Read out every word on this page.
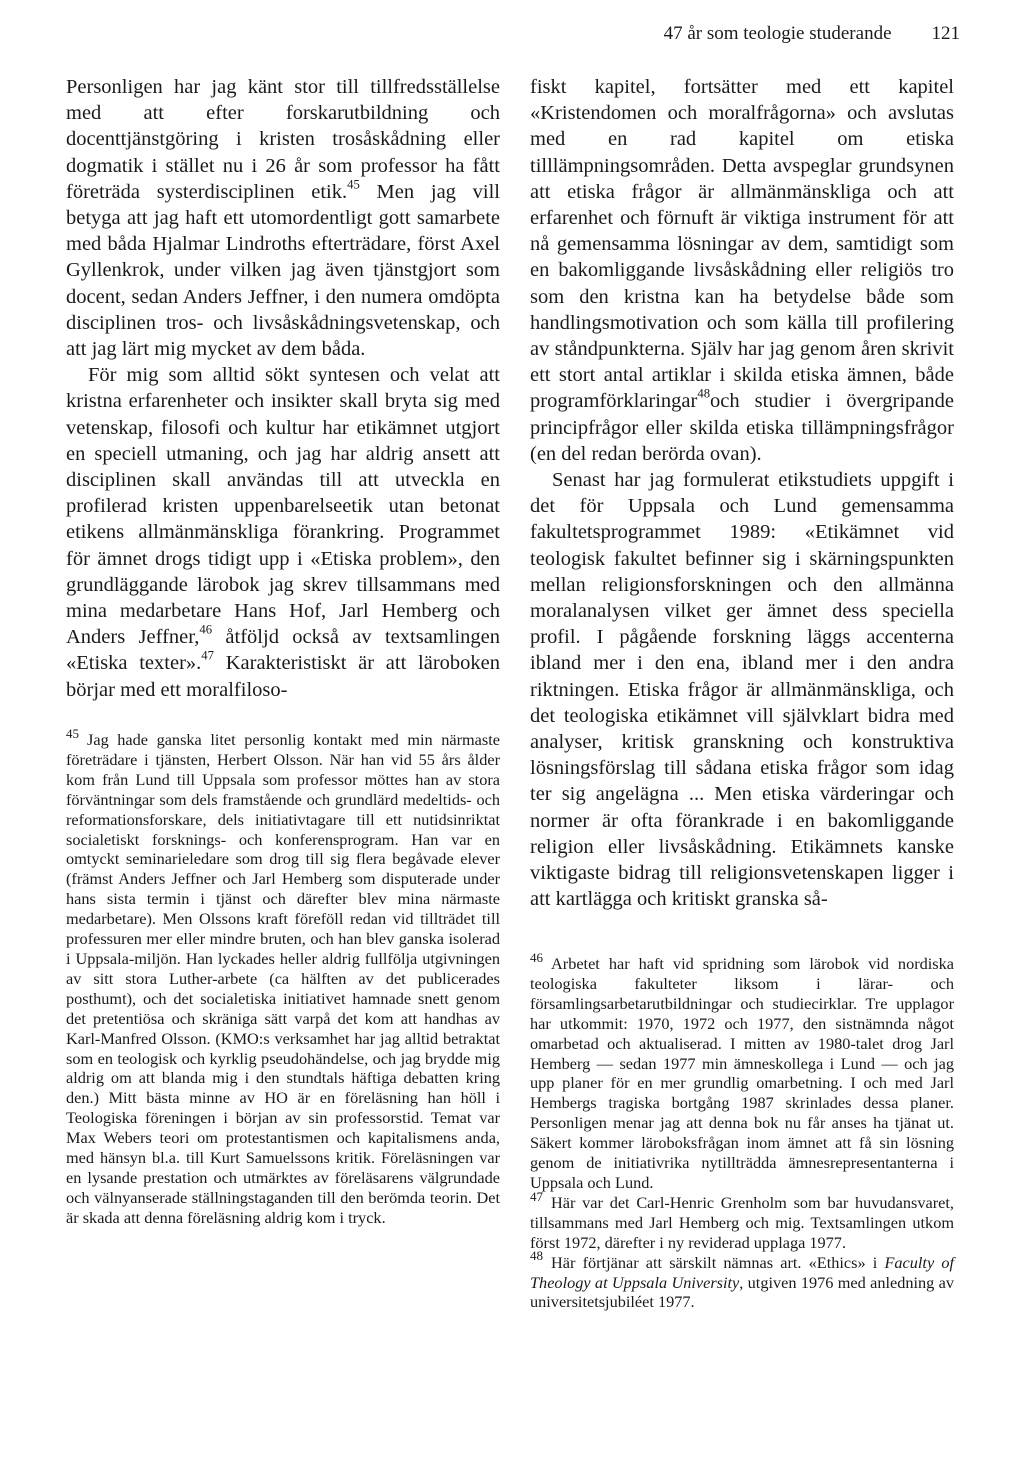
47 år som teologie studerande 121

Personligen har jag känt stor till tillfredsställelse med att efter forskarutbildning och docenttjänstgöring i kristen trosåskådning eller dogmatik i stället nu i 26 år som professor ha fått företräda systerdisciplinen etik.$^{45}$ Men jag vill betyga att jag haft ett utomordentligt gott samarbete med båda Hjalmar Lindroths efterträdare, först Axel Gyllenkrok, under vilken jag även tjänstgjort som docent, sedan Anders Jeffner, i den numera omdöpta disciplinen tros- och livsåskådningsvetenskap, och att jag lärt mig mycket av dem båda.

För mig som alltid sökt syntesen och velat att kristna erfarenheter och insikter skall bryta sig med vetenskap, filosofi och kultur har etikämnet utgjort en speciell utmaning, och jag har aldrig ansett att disciplinen skall användas till att utveckla en profilerad kristen uppenbarelseetik utan betonat etikens allmänmänskliga förankring. Programmet för ämnet drogs tidigt upp i «Etiska problem», den grundläggande lärobok jag skrev tillsammans med mina medarbetare Hans Hof, Jarl Hemberg och Anders Jeffner,$^{46}$ åtföljd också av textsamlingen «Etiska texter».$^{47}$ Karakteristiskt är att läroboken börjar med ett moralfiloso-

$^{45}$ Jag hade ganska litet personlig kontakt med min närmaste företrädare i tjänsten, Herbert Olsson. När han vid 55 års ålder kom från Lund till Uppsala som professor möttes han av stora förväntningar som dels framstående och grundlärd medeltids- och reformationsforskare, dels initiativtagare till ett nutidsinriktat socialetiskt forsknings- och konferensprogram. Han var en omtyckt seminarieledare som drog till sig flera begåvade elever (främst Anders Jeffner och Jarl Hemberg som disputerade under hans sista termin i tjänst och därefter blev mina närmaste medarbetare). Men Olssons kraft föreföll redan vid tillträdet till professuren mer eller mindre bruten, och han blev ganska isolerad i Uppsala-miljön. Han lyckades heller aldrig fullfölja utgivningen av sitt stora Luther-arbete (ca hälften av det publicerades posthumt), och det socialetiska initiativet hamnade snett genom det pretentiösa och skräniga sätt varpå det kom att handhas av Karl-Manfred Olsson. (KMO:s verksamhet har jag alltid betraktat som en teologisk och kyrklig pseudohändelse, och jag brydde mig aldrig om att blanda mig i den stundtals häftiga debatten kring den.) Mitt bästa minne av HO är en föreläsning han höll i Teologiska föreningen i början av sin professorstid. Temat var Max Webers teori om protestantismen och kapitalismens anda, med hänsyn bl.a. till Kurt Samuelssons kritik. Föreläsningen var en lysande prestation och utmärktes av föreläsarens välgrundade och välnyanserade ställningstaganden till den berömda teorin. Det är skada att denna föreläsning aldrig kom i tryck.

fiskt kapitel, fortsätter med ett kapitel «Kristendomen och moralfrågorna» och avslutas med en rad kapitel om etiska tilllämpningsområden. Detta avspeglar grundsynen att etiska frågor är allmänmänskliga och att erfarenhet och förnuft är viktiga instrument för att nå gemensamma lösningar av dem, samtidigt som en bakomliggande livsåskådning eller religiös tro som den kristna kan ha betydelse både som handlingsmotivation och som källa till profilering av ståndpunkterna. Själv har jag genom åren skrivit ett stort antal artiklar i skilda etiska ämnen, både programförklaringar$^{48}$och studier i övergripande principfrågor eller skilda etiska tillämpningsfrågor (en del redan berörda ovan).

Senast har jag formulerat etikstudiets uppgift i det för Uppsala och Lund gemensamma fakultetsprogrammet 1989: «Etikämnet vid teologisk fakultet befinner sig i skärningspunkten mellan religionsforskningen och den allmänna moralanalysen vilket ger ämnet dess speciella profil. I pågående forskning läggs accenterna ibland mer i den ena, ibland mer i den andra riktningen. Etiska frågor är allmänmänskliga, och det teologiska etikämnet vill självklart bidra med analyser, kritisk granskning och konstruktiva lösningsförslag till sådana etiska frågor som idag ter sig angelägna ... Men etiska värderingar och normer är ofta förankrade i en bakomliggande religion eller livsåskådning. Etikämnets kanske viktigaste bidrag till religionsvetenskapen ligger i att kartlägga och kritiskt granska så-

$^{46}$ Arbetet har haft vid spridning som lärobok vid nordiska teologiska fakulteter liksom i lärar- och församlingsarbetarutbildningar och studiecirklar. Tre upplagor har utkommit: 1970, 1972 och 1977, den sistnämnda något omarbetad och aktualiserad. I mitten av 1980-talet drog Jarl Hemberg — sedan 1977 min ämneskollega i Lund — och jag upp planer för en mer grundlig omarbetning. I och med Jarl Hembergs tragiska bortgång 1987 skrinlades dessa planer. Personligen menar jag att denna bok nu får anses ha tjänat ut. Säkert kommer läroboksfrågan inom ämnet att få sin lösning genom de initiativrika nytillträdda ämnesrepresentanterna i Uppsala och Lund.

$^{47}$ Här var det Carl-Henric Grenholm som bar huvudansvaret, tillsammans med Jarl Hemberg och mig. Textsamlingen utkom först 1972, därefter i ny reviderad upplaga 1977.

$^{48}$ Här förtjänar att särskilt nämnas art. «Ethics» i Faculty of Theology at Uppsala University, utgiven 1976 med anledning av universitetsjubiléet 1977.
